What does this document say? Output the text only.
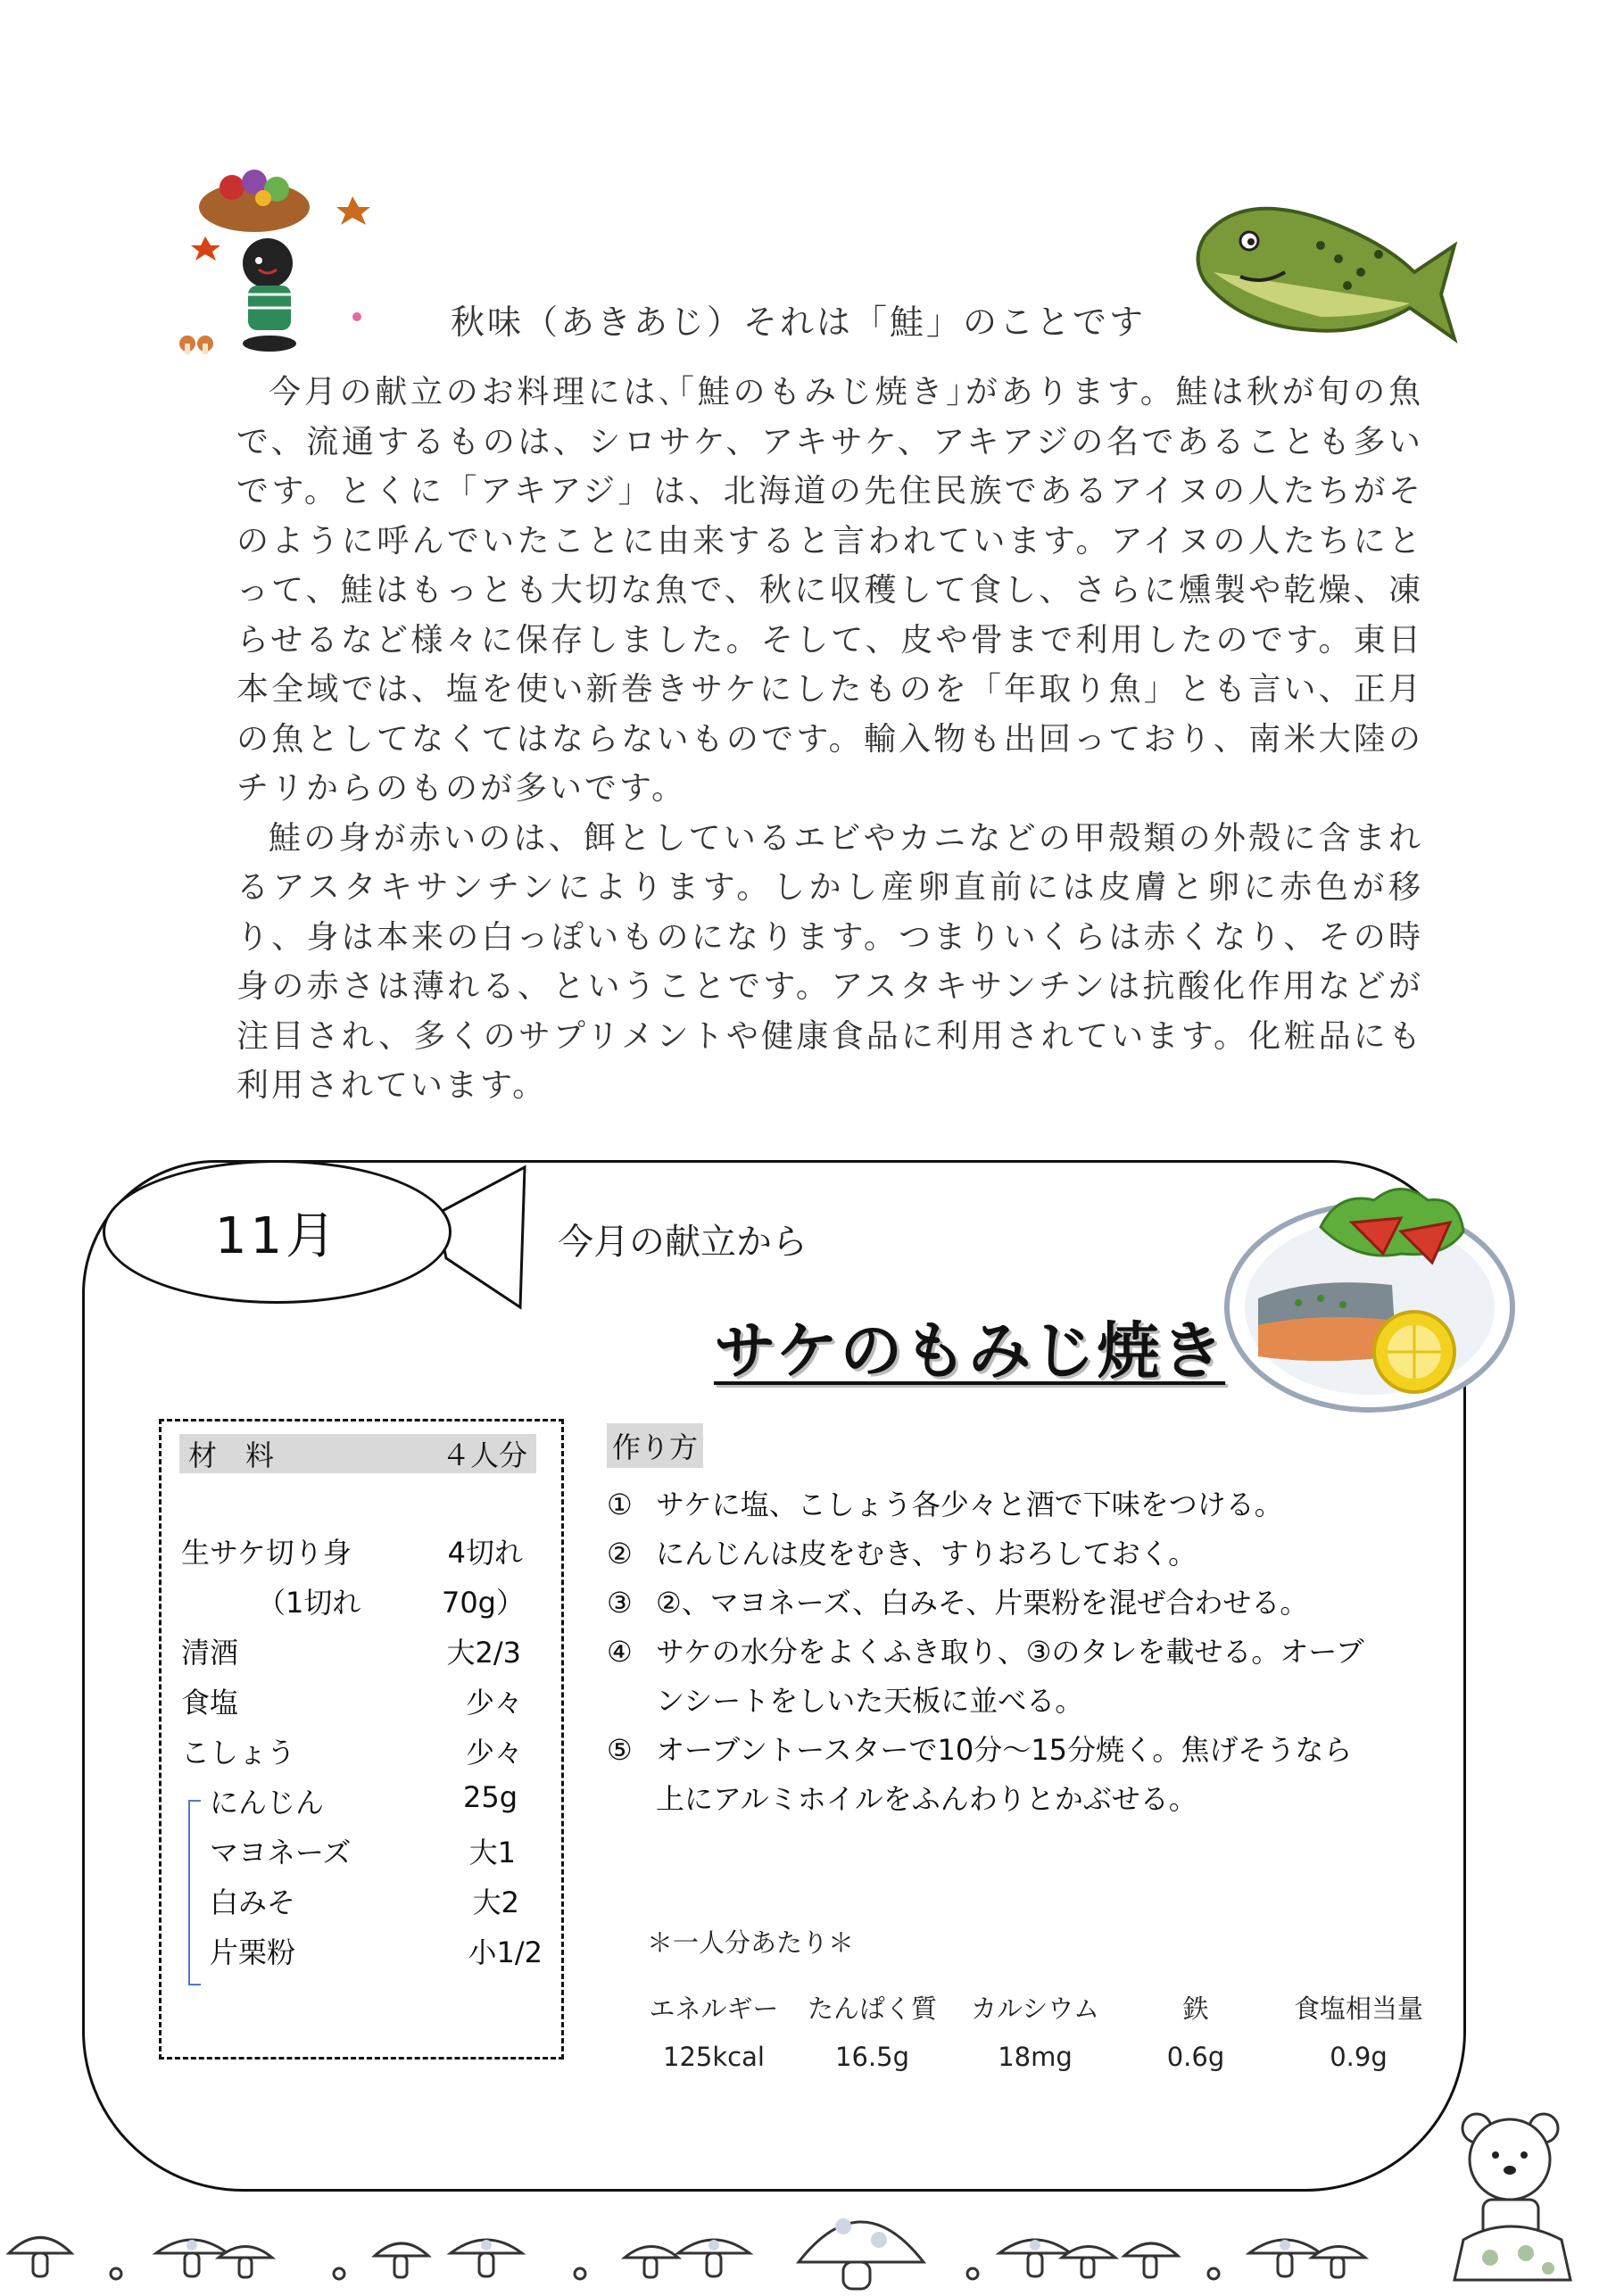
秋味（あきあじ）それは「鮭」のことです

今月の献立のお料理には､｢鮭のもみじ焼き｣があります。鮭は秋が旬の魚で、流通するものは、シロサケ、アキサケ、アキアジの名であることも多いです。とくに「アキアジ」は、北海道の先住民族であるアイヌの人たちがそのように呼んでいたことに由来すると言われています。アイヌの人たちにとって、鮭はもっとも大切な魚で、秋に収穫して食し、さらに燻製や乾燥、凍らせるなど様々に保存しました。そして、皮や骨まで利用したのです。東日本全域では、塩を使い新巻きサケにしたものを「年取り魚」とも言い、正月の魚としてなくてはならないものです。輸入物も出回っており、南米大陸のチリからのものが多いです。

鮭の身が赤いのは、餌としているエビやカニなどの甲殻類の外殻に含まれるアスタキサンチンによります。しかし産卵直前には皮膚と卵に赤色が移り、身は本来の白っぽいものになります。つまりいくらは赤くなり、その時身の赤さは薄れる、ということです。アスタキサンチンは抗酸化作用などが注目され、多くのサプリメントや健康食品に利用されています。化粧品にも利用されています。

11月	今月の献立から
サケのもみじ焼き
材　料	４人分
生サケ切り身	4切れ
（1切れ	70g）
清酒	大2/3
食塩	少々
こしょう	少々
にんじん	25g
マヨネーズ	大1
白みそ	大2
片栗粉	小1/2
作り方
① サケに塩、こしょう各少々と酒で下味をつける。
② にんじんは皮をむき、すりおろしておく。
③ ②、マヨネーズ、白みそ、片栗粉を混ぜ合わせる。
④ サケの水分をよくふき取り、③のタレを載せる。オーブンシートをしいた天板に並べる。
⑤ オーブントースターで10分～15分焼く。焦げそうなら上にアルミホイルをふんわりとかぶせる。
＊一人分あたり＊
エネルギー	たんぱく質	カルシウム	鉄	食塩相当量
125kcal	16.5g	18mg	0.6g	0.9g
